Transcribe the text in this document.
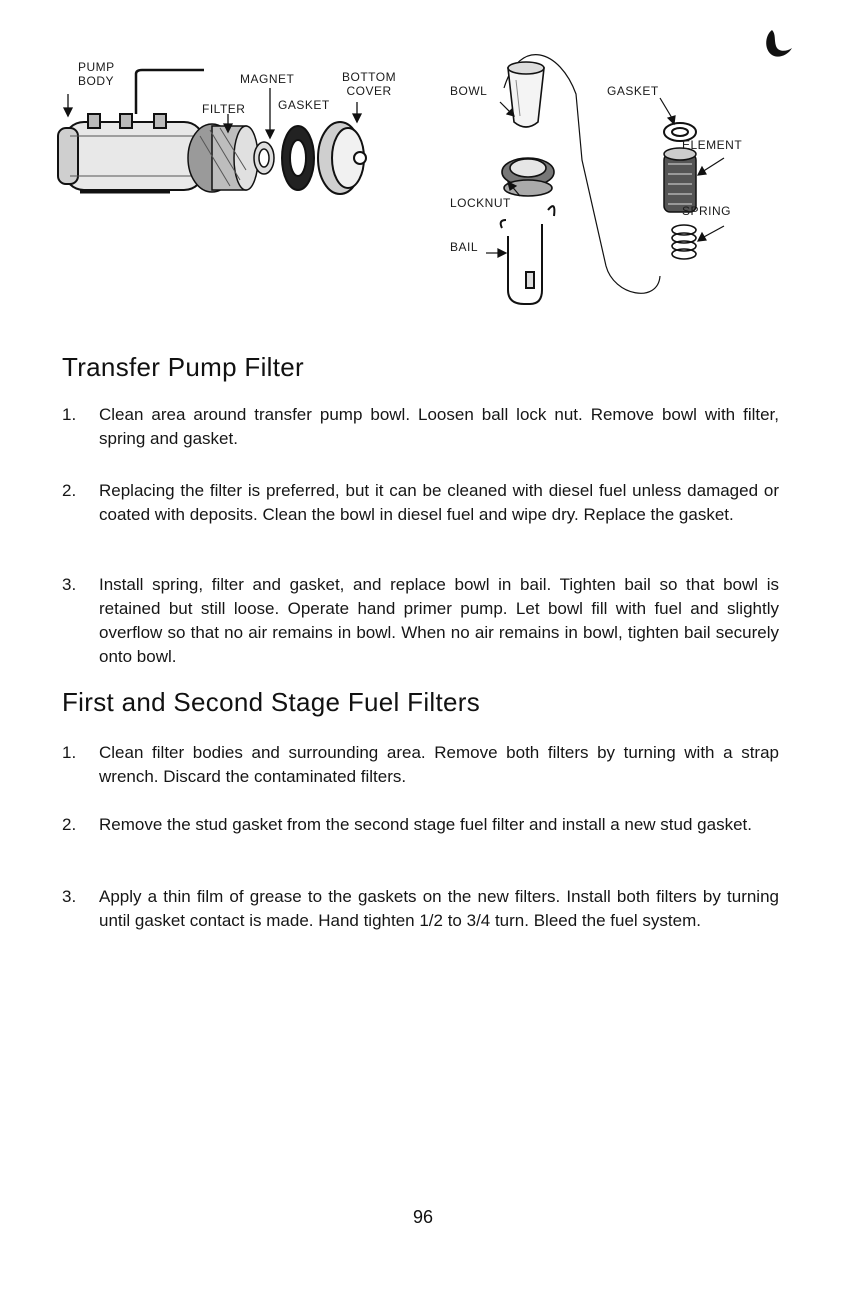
PUMP
BODY	MAGNET	BOTTOM
COVER
FILTER	GASKET
BOWL	GASKET
ELEMENT
LOCKNUT
SPRING
BAIL
Transfer Pump Filter
1.	Clean area around transfer pump bowl. Loosen ball lock nut. Remove bowl with filter, spring and gasket.
2.	Replacing the filter is preferred, but it can be cleaned with diesel fuel unless damaged or coated with deposits. Clean the bowl in diesel fuel and wipe dry. Replace the gasket.
3.	Install spring, filter and gasket, and replace bowl in bail. Tighten bail so that bowl is retained but still loose. Operate hand primer pump. Let bowl fill with fuel and slightly overflow so that no air remains in bowl. When no air remains in bowl, tighten bail securely onto bowl.
First and Second Stage Fuel Filters
1.	Clean filter bodies and surrounding area. Remove both filters by turning with a strap wrench. Discard the contaminated filters.
2.	Remove the stud gasket from the second stage fuel filter and install a new stud gasket.
3.	Apply a thin film of grease to the gaskets on the new filters. Install both filters by turning until gasket contact is made. Hand tighten 1/2 to 3/4 turn. Bleed the fuel system.
96
